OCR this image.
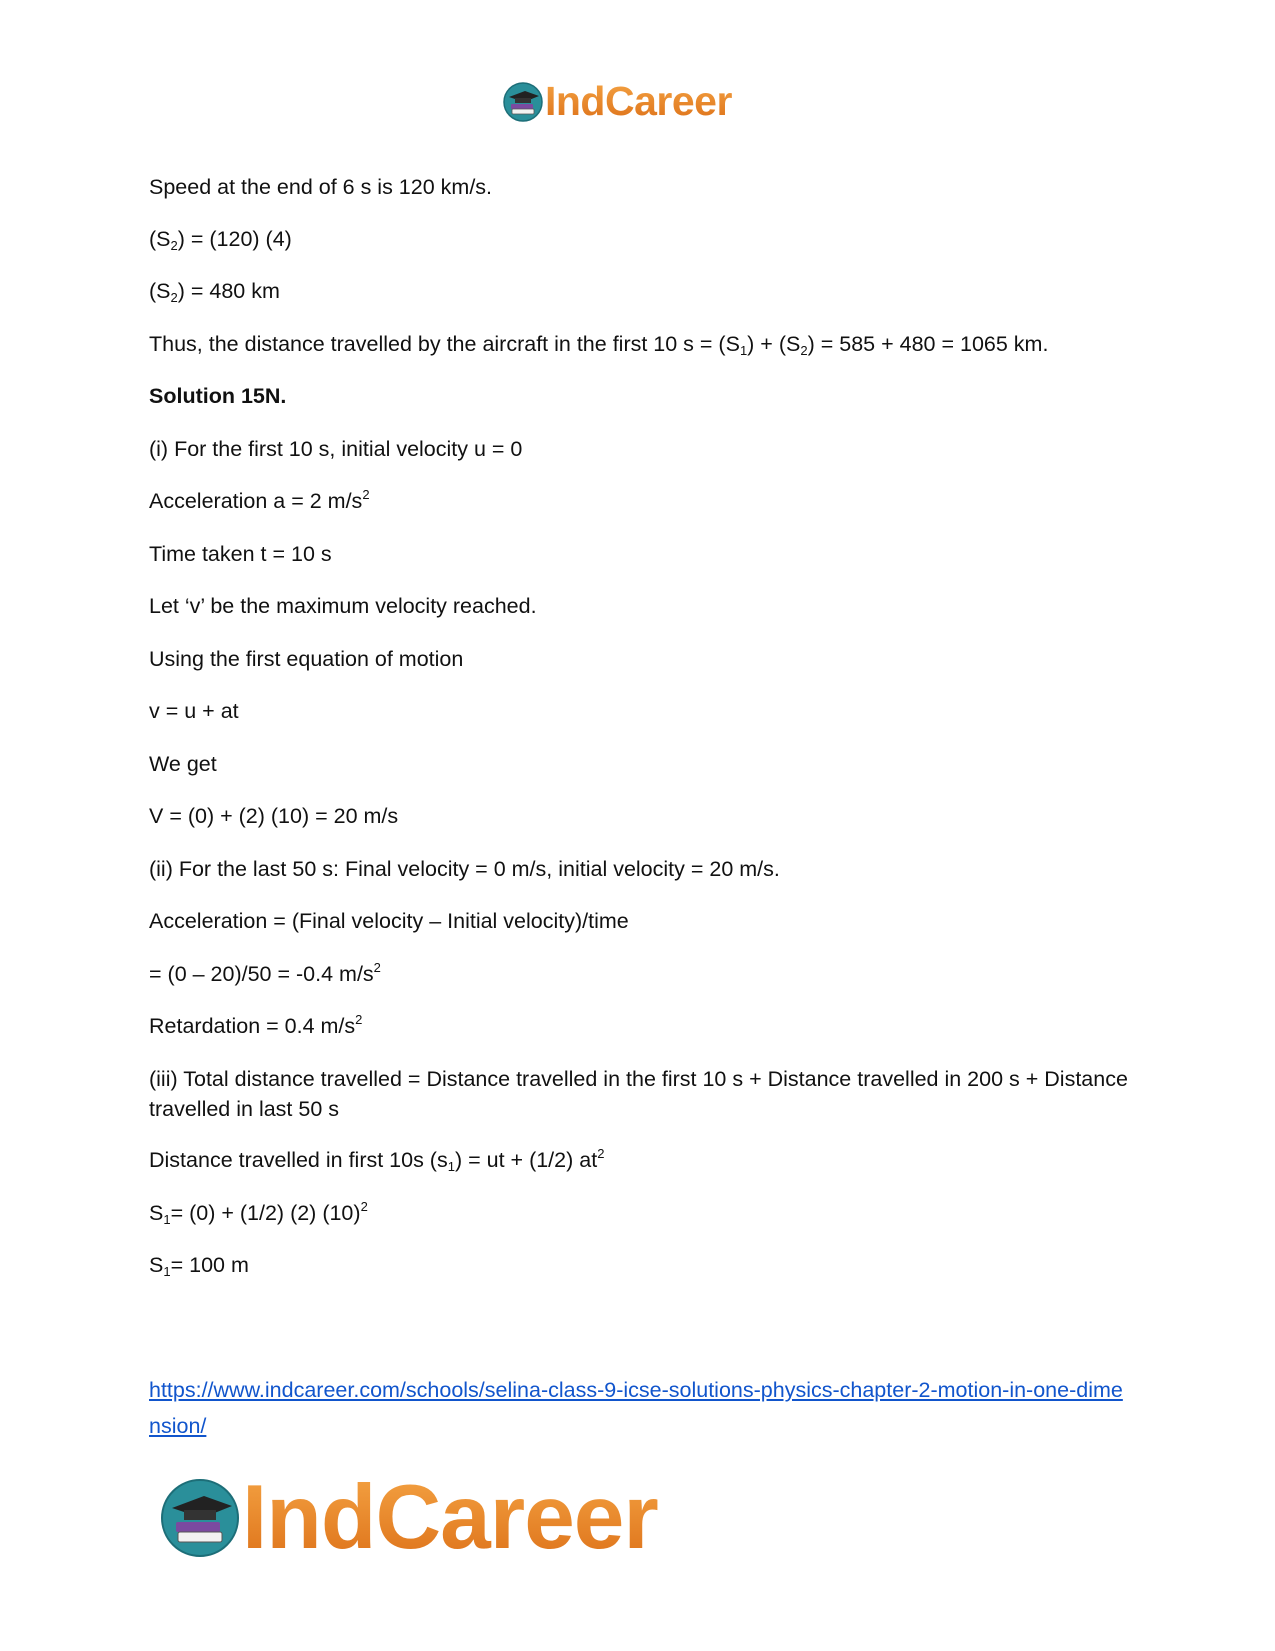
IndCareer
Speed at the end of 6 s is 120 km/s.
$(S_2) = (120)$ (4)
$(S_2) = 480$ km
Thus, the distance travelled by the aircraft in the first 10 $s = (S_1) + (S_2) = 585 + 480 = 1065$ km.
Solution 15N.
(i) For the first 10 s, initial velocity u = 0
Acceleration a = 2 $m/s^2$
Time taken t = 10 s
Let ‘v’ be the maximum velocity reached.
Using the first equation of motion
v = u + at
We get
V = (0) + (2) (10) = 20 m/s
(ii) For the last 50 s: Final velocity = 0 m/s, initial velocity = 20 m/s.
Acceleration = (Final velocity – Initial velocity)/time
= (0 – 20)/50 = -0.4 $m/s^2$
Retardation = 0.4 $m/s^2$
(iii) Total distance travelled = Distance travelled in the first 10 s + Distance travelled in 200 s + Distance travelled in last 50 s
Distance travelled in first 10s $(s_1)$ = ut + (1/2) $at^2$
$S_1= (0) + (1/2)$ (2) $(10)^2$
$S_1= 100$ m
https://www.indcareer.com/schools/selina-class-9-icse-solutions-physics-chapter-2-motion-in-one-dimension/
IndCareer
